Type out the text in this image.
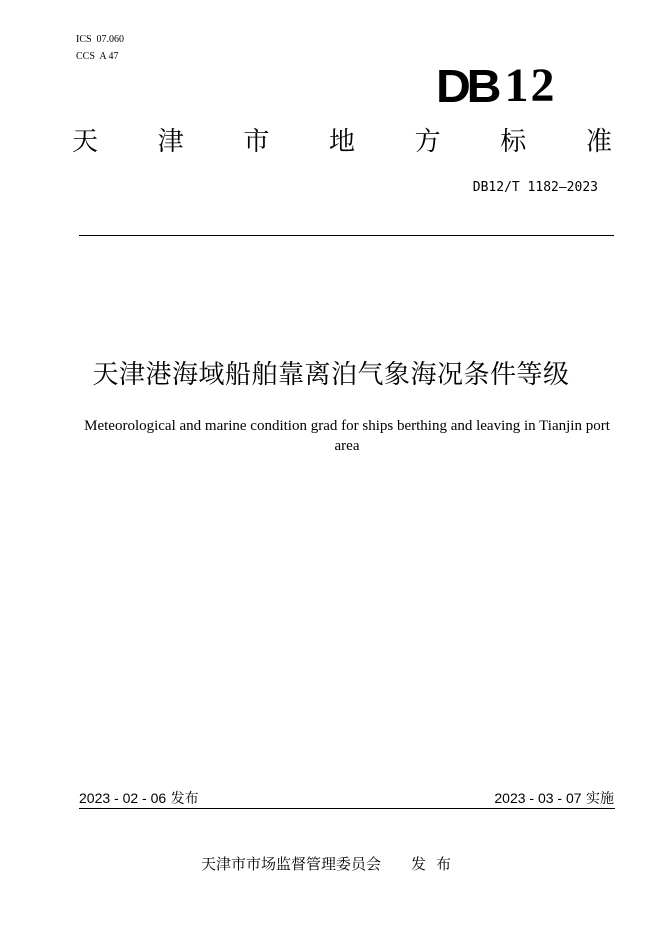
ICS  07.060
CCS  A 47
DB 12
天 津 市 地 方 标 准
DB12/T 1182—2023
天津港海域船舶靠离泊气象海况条件等级
Meteorological and marine condition grad for ships berthing and leaving in Tianjin port area
2023 - 02 - 06 发布	2023 - 03 - 07 实施
天津市市场监督管理委员会 发布
